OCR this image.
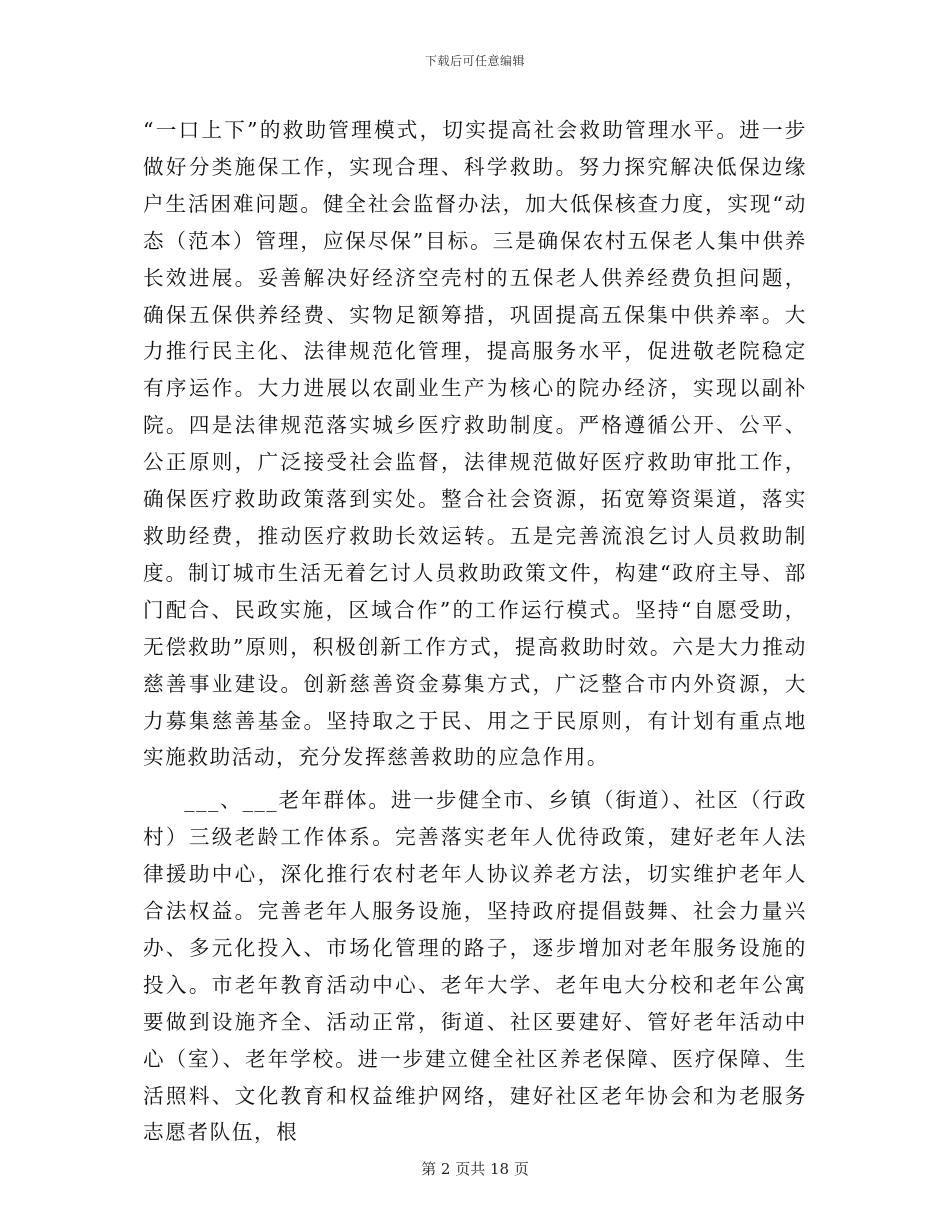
下载后可任意编辑

“一口上下”的救助管理模式，切实提高社会救助管理水平。进一步做好分类施保工作，实现合理、科学救助。努力探究解决低保边缘户生活困难问题。健全社会监督办法，加大低保核查力度，实现“动态（范本）管理，应保尽保”目标。三是确保农村五保老人集中供养长效进展。妥善解决好经济空壳村的五保老人供养经费负担问题，确保五保供养经费、实物足额筹措，巩固提高五保集中供养率。大力推行民主化、法律规范化管理，提高服务水平，促进敬老院稳定有序运作。大力进展以农副业生产为核心的院办经济，实现以副补院。四是法律规范落实城乡医疗救助制度。严格遵循公开、公平、公正原则，广泛接受社会监督，法律规范做好医疗救助审批工作，确保医疗救助政策落到实处。整合社会资源，拓宽筹资渠道，落实救助经费，推动医疗救助长效运转。五是完善流浪乞讨人员救助制度。制订城市生活无着乞讨人员救助政策文件，构建“政府主导、部门配合、民政实施，区域合作”的工作运行模式。坚持“自愿受助，无偿救助”原则，积极创新工作方式，提高救助时效。六是大力推动慈善事业建设。创新慈善资金募集方式，广泛整合市内外资源，大力募集慈善基金。坚持取之于民、用之于民原则，有计划有重点地实施救助活动，充分发挥慈善救助的应急作用。

___、___老年群体。进一步健全市、乡镇（街道）、社区（行政村）三级老龄工作体系。完善落实老年人优待政策，建好老年人法律援助中心，深化推行农村老年人协议养老方法，切实维护老年人合法权益。完善老年人服务设施，坚持政府提倡鼓舞、社会力量兴办、多元化投入、市场化管理的路子，逐步增加对老年服务设施的投入。市老年教育活动中心、老年大学、老年电大分校和老年公寓要做到设施齐全、活动正常，街道、社区要建好、管好老年活动中心（室）、老年学校。进一步建立健全社区养老保障、医疗保障、生活照料、文化教育和权益维护网络，建好社区老年协会和为老服务志愿者队伍，根

第 2 页共 18 页
